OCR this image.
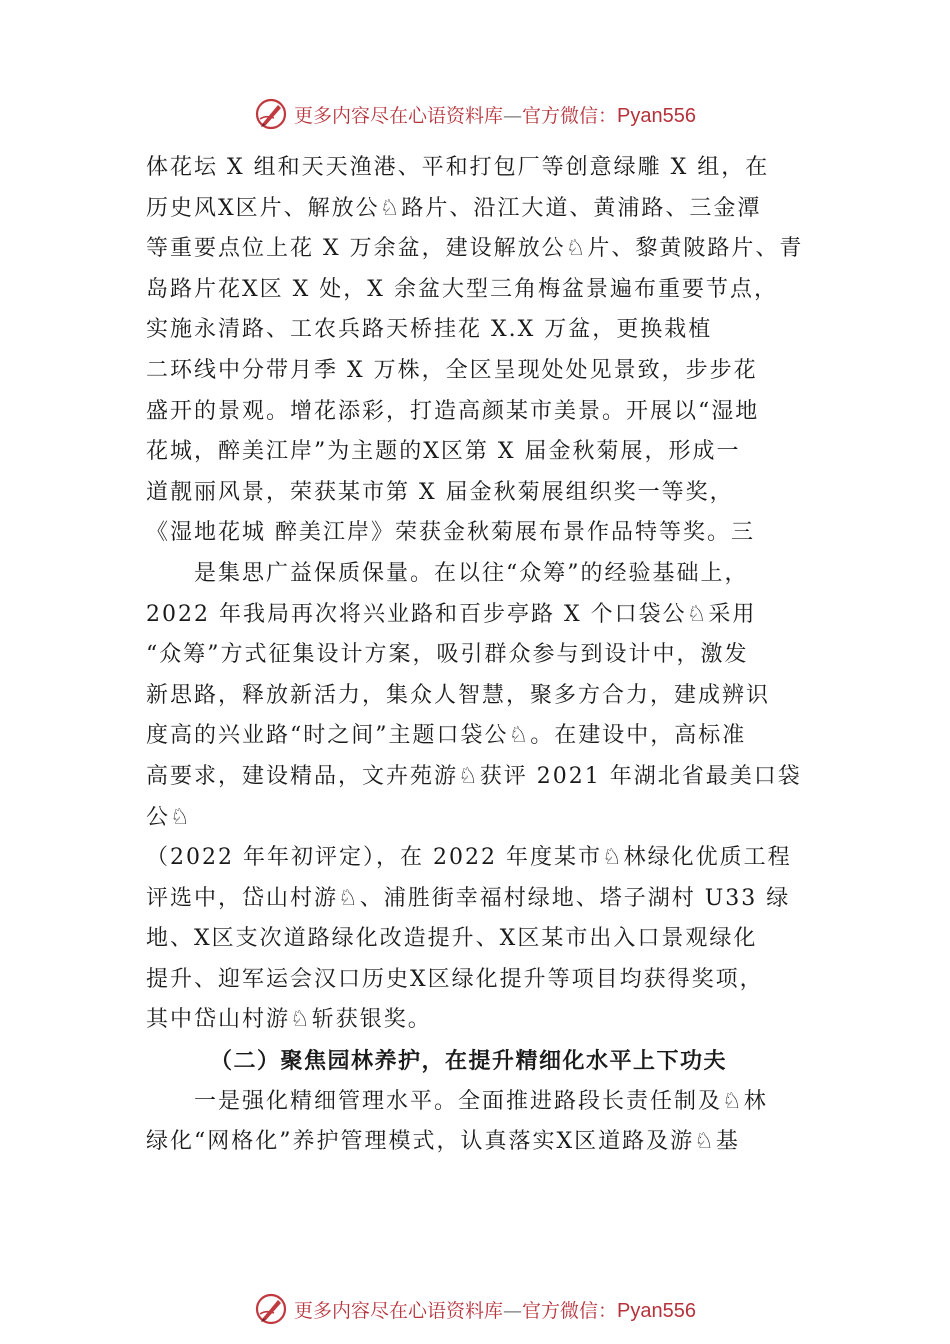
更多内容尽在心语资料库—官方微信：Pyan556
体花坛 X 组和天天渔港、平和打包厂等创意绿雕 X 组，在
历史风Ⅹ区片、解放公♘路片、沿江大道、黄浦路、三金潭
等重要点位上花 X 万余盆，建设解放公♘片、黎黄陂路片、青
岛路片花Ⅹ区 X 处，X 余盆大型三角梅盆景遍布重要节点，
实施永清路、工农兵路天桥挂花 X.X 万盆，更换栽植
二环线中分带月季 X 万株，全区呈现处处见景致，步步花
盛开的景观。增花添彩，打造高颜某市美景。开展以“湿地
花城，醉美江岸”为主题的Ⅹ区第 X 届金秋菊展，形成一
道靓丽风景，荣获某市第 X 届金秋菊展组织奖一等奖，
《湿地花城 醉美江岸》荣获金秋菊展布景作品特等奖。三
是集思广益保质保量。在以往“众筹”的经验基础上，
2022 年我局再次将兴业路和百步亭路 X 个口袋公♘采用
“众筹”方式征集设计方案，吸引群众参与到设计中，激发
新思路，释放新活力，集众人智慧，聚多方合力，建成辨识
度高的兴业路“时之间”主题口袋公♘。在建设中，高标准
高要求，建设精品，文卉苑游♘获评 2021 年湖北省最美口袋
公♘
（2022 年年初评定），在 2022 年度某市♘林绿化优质工程
评选中，岱山村游♘、浦胜街幸福村绿地、塔子湖村 U33 绿
地、Ⅹ区支次道路绿化改造提升、Ⅹ区某市出入口景观绿化
提升、迎军运会汉口历史Ⅹ区绿化提升等项目均获得奖项，
其中岱山村游♘斩获银奖。
（二）聚焦园林养护，在提升精细化水平上下功夫
一是强化精细管理水平。全面推进路段长责任制及♘林
绿化“网格化”养护管理模式，认真落实Ⅹ区道路及游♘基
更多内容尽在心语资料库—官方微信：Pyan556
